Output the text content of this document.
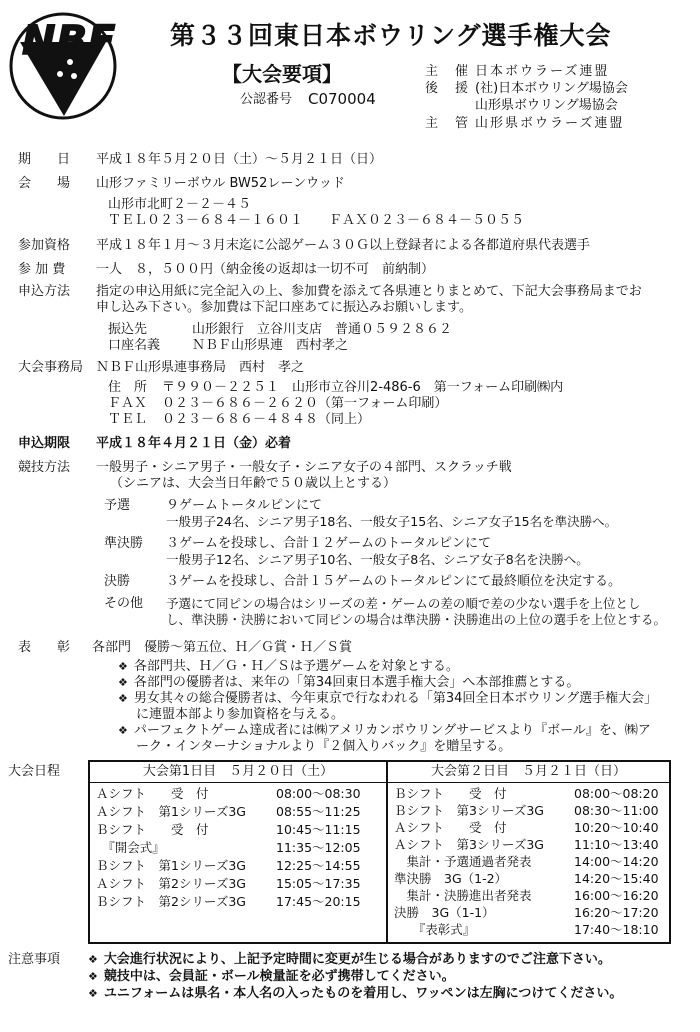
NBF 第３３回東日本ボウリング選手権大会
【大会要項】
公認番号 C070004
主　催 日本ボウラーズ連盟
後　援 (社)日本ボウリング場協会
山形県ボウリング場協会
主　管 山形県ボウラーズ連盟
期　　日 平成１８年５月２０日（土）～５月２１日（日）
会　　場 山形ファミリーボウル BW52レーンウッド
山形市北町２－２－４５
ＴＥＬ０２３－６８４－１６０１　　ＦＡＸ０２３－６８４－５０５５
参加資格 平成１８年１月～３月末迄に公認ゲーム３０Ｇ以上登録者による各都道府県代表選手
参 加 費 一人　８，５００円（納金後の返却は一切不可　前納制）
申込方法 指定の申込用紙に完全記入の上、参加費を添えて各県連とりまとめて、下記大会事務局までお
申し込み下さい。参加費は下記口座あてに振込みお願いします。
振込先	山形銀行　立谷川支店　普通０５９２８６２
口座名義 ＮＢＦ山形県連　西村孝之
大会事務局 ＮＢＦ山形県連事務局　西村　孝之
住　所 〒９９０－２２５１　山形市立谷川2-486-6　第一フォーム印刷㈱内
ＦＡＸ ０２３－６８６－２６２０（第一フォーム印刷）
ＴＥＬ ０２３－６８６－４８４８（同上）
申込期限 平成１８年４月２１日（金）必着
競技方法 一般男子・シニア男子・一般女子・シニア女子の４部門、スクラッチ戦
（シニアは、大会当日年齢で５０歳以上とする）
予選	９ゲームトータルピンにて
一般男子24名、シニア男子18名、一般女子15名、シニア女子15名を準決勝へ。
準決勝 ３ゲームを投球し、合計１２ゲームのトータルピンにて
一般男子12名、シニア男子10名、一般女子8名、シニア女子8名を決勝へ。
決勝	３ゲームを投球し、合計１５ゲームのトータルピンにて最終順位を決定する。
その他 予選にて同ピンの場合はシリーズの差・ゲームの差の順で差の少ない選手を上位とし
し、準決勝・決勝において同ピンの場合は準決勝・決勝進出の上位の選手を上位とする。
表　　彰 各部門　優勝～第五位、Ｈ／Ｇ賞・Ｈ／Ｓ賞
❖ 各部門共、Ｈ／Ｇ・Ｈ／Ｓは予選ゲームを対象とする。
❖ 各部門の優勝者は、来年の「第34回東日本選手権大会」へ本部推薦とする。
❖ 男女其々の総合優勝者は、今年東京で行なわれる「第34回全日本ボウリング選手権大会」
に連盟本部より参加資格を与える。
❖ パーフェクトゲーム達成者には㈱アメリカンボウリングサービスより『ボール』を、㈱ア
ーク・インターナショナルより『２個入りバック』を贈呈する。
大会日程	大会第1日目　５月２０日（土）
Ａシフト　　受　付	08:00～08:30
Ａシフト　第1シリーズ3G 08:55～11:25
Ｂシフト　　受　付	10:45～11:15
　『開会式』	11:35～12:05
Ｂシフト　第1シリーズ3G 12:25～14:55
Ａシフト　第2シリーズ3G 15:05～17:35
Ｂシフト　第2シリーズ3G 17:45～20:15
大会第２日目　５月２１日（日）
Ｂシフト　　受　付	08:00～08:20
Ｂシフト　第3シリーズ3G 08:30～11:00
Ａシフト　　受　付	10:20～10:40
Ａシフト　第3シリーズ3G 11:10～13:40
　集計・予選通過者発表	14:00～14:20
準決勝　3G（1-2）	14:20～15:40
　集計・決勝進出者発表	16:00～16:20
決勝　3G（1-1）	16:20～17:20
　　『表彰式』	17:40～18:10
注意事項	❖ 大会進行状況により、上記予定時間に変更が生じる場合がありますのでご注意下さい。
❖ 競技中は、会員証・ボール検量証を必ず携帯してください。
❖ ユニフォームは県名・本人名の入ったものを着用し、ワッペンは左胸につけてください。
